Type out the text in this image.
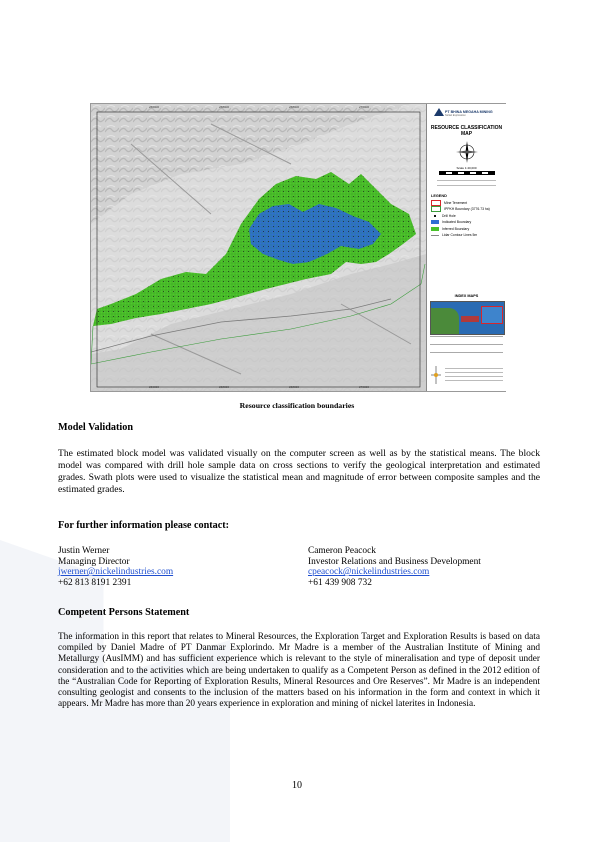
266000	268000	268000	270000
266000	268000	268000	270000
PT BHINA MEGAHA MINING
Nickel Exploration
RESOURCE CLASSIFICATION MAP
Scale 1:40,000
LEGEND
Mine Tenement
IPPKH Boundary (3776.73 ha)
Drill Hole
Indicated Boundary
Inferred Boundary
Lidar Contour Lines 5m
INDEX MAPS
Resource classification boundaries
Model Validation

The estimated block model was validated visually on the computer screen as well as by the statistical means. The block model was compared with drill hole sample data on cross sections to verify the geological interpretation and estimated grades. Swath plots were used to visualize the statistical mean and magnitude of error between composite samples and the estimated grades.

For further information please contact:
Justin Werner
Managing Director
jwerner@nickelindustries.com
+62 813 8191 2391
Cameron Peacock
Investor Relations and Business Development
cpeacock@nickelindustries.com
+61 439 908 732
Competent Persons Statement

The information in this report that relates to Mineral Resources, the Exploration Target and Exploration Results is based on data compiled by Daniel Madre of PT Danmar Explorindo. Mr Madre is a member of the Australian Institute of Mining and Metallurgy (AusIMM) and has sufficient experience which is relevant to the style of mineralisation and type of deposit under consideration and to the activities which are being undertaken to qualify as a Competent Person as defined in the 2012 edition of the “Australian Code for Reporting of Exploration Results, Mineral Resources and Ore Reserves”. Mr Madre is an independent consulting geologist and consents to the inclusion of the matters based on his information in the form and context in which it appears. Mr Madre has more than 20 years experience in exploration and mining of nickel laterites in Indonesia.

10
